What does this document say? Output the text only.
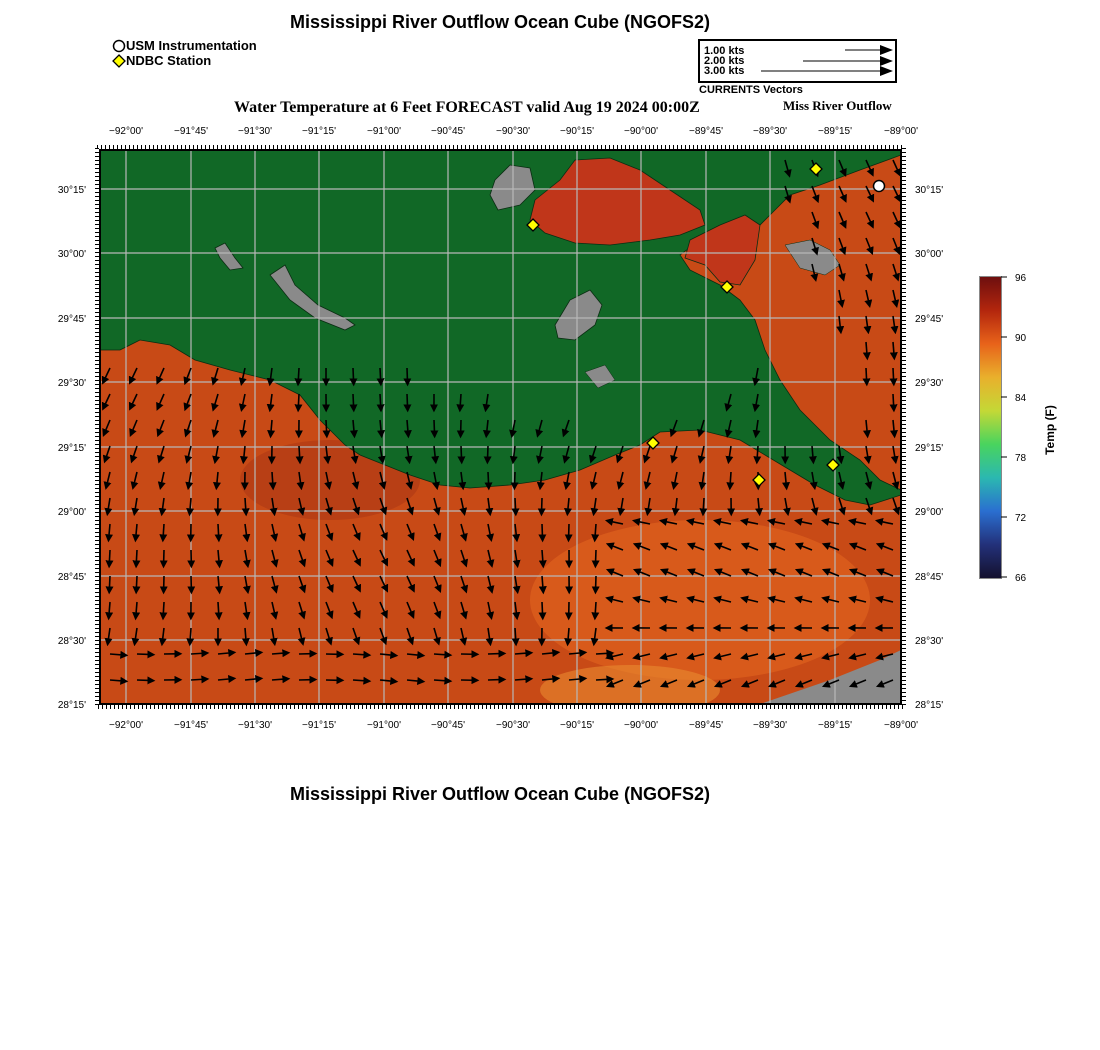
Mississippi River Outflow Ocean Cube (NGOFS2)
USM Instrumentation
NDBC Station
1.00 kts
2.00 kts
3.00 kts
CURRENTS Vectors
Water Temperature at 6 Feet FORECAST valid Aug 19 2024 00:00Z	Miss River Outflow
−92°00'	−91°45'	−91°30'	−91°15'	−91°00'	−90°45'	−90°30'	−90°15'	−90°00'	−89°45'	−89°30'	−89°15'	−89°00'
−92°00'	−91°45'	−91°30'	−91°15'	−91°00'	−90°45'	−90°30'	−90°15'	−90°00'	−89°45'	−89°30'	−89°15'	−89°00'
30°15'
30°00'
29°45'
29°30'
29°15'
29°00'
28°45'
28°30'
28°15'
30°15'
30°00'
29°45'
29°30'
29°15'
29°00'
28°45'
28°30'
28°15'
96
90
84
78
72
66
Temp (F)
Mississippi River Outflow Ocean Cube (NGOFS2)
